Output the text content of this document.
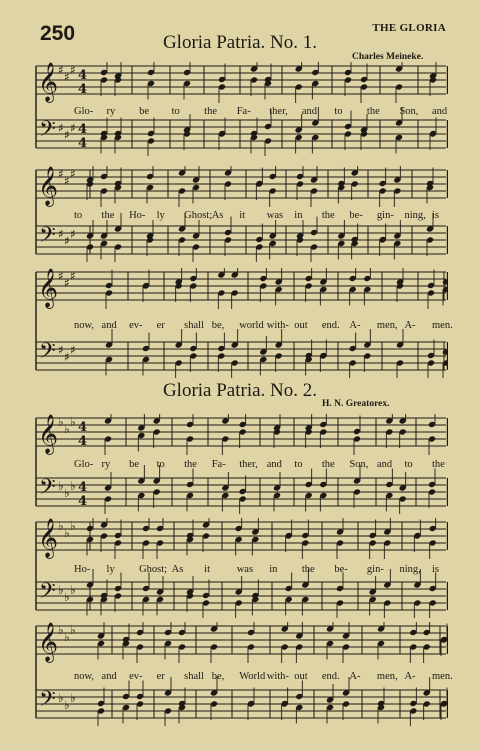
250	THE GLORIA
Gloria Patria. No. 1.
Charles Meineke.
Gloria Patria. No. 2.
H. N. Greatorex.
𝄞
𝄢
♯ ♯ ♯ 4
4
♯ ♯ ♯ 4
4
𝄞
𝄢
♯ ♯ ♯
♯ ♯ ♯
𝄞
𝄢
♯ ♯ ♯
♯ ♯ ♯
𝄞
𝄢
♭ ♭ ♭ 4
4
♭ ♭ ♭ 4
4
𝄞
𝄢
♭ ♭ ♭
♭ ♭ ♭
𝄞
𝄢
♭ ♭ ♭
♭ ♭ ♭
Glo- ry be to the Fa- ther, and to the Son, and
to the Ho- ly Ghost; As it was in the be- gin- ning, is
now, and ev- er shall be, world with- out end. A- men, A- men.
Glo- ry be to the Fa- ther, and to the Son, and to the
Ho- ly Ghost; As it	was in the be- gin- ning, is
now, and ev- er shall be, World with- out end. A- men, A- men.
